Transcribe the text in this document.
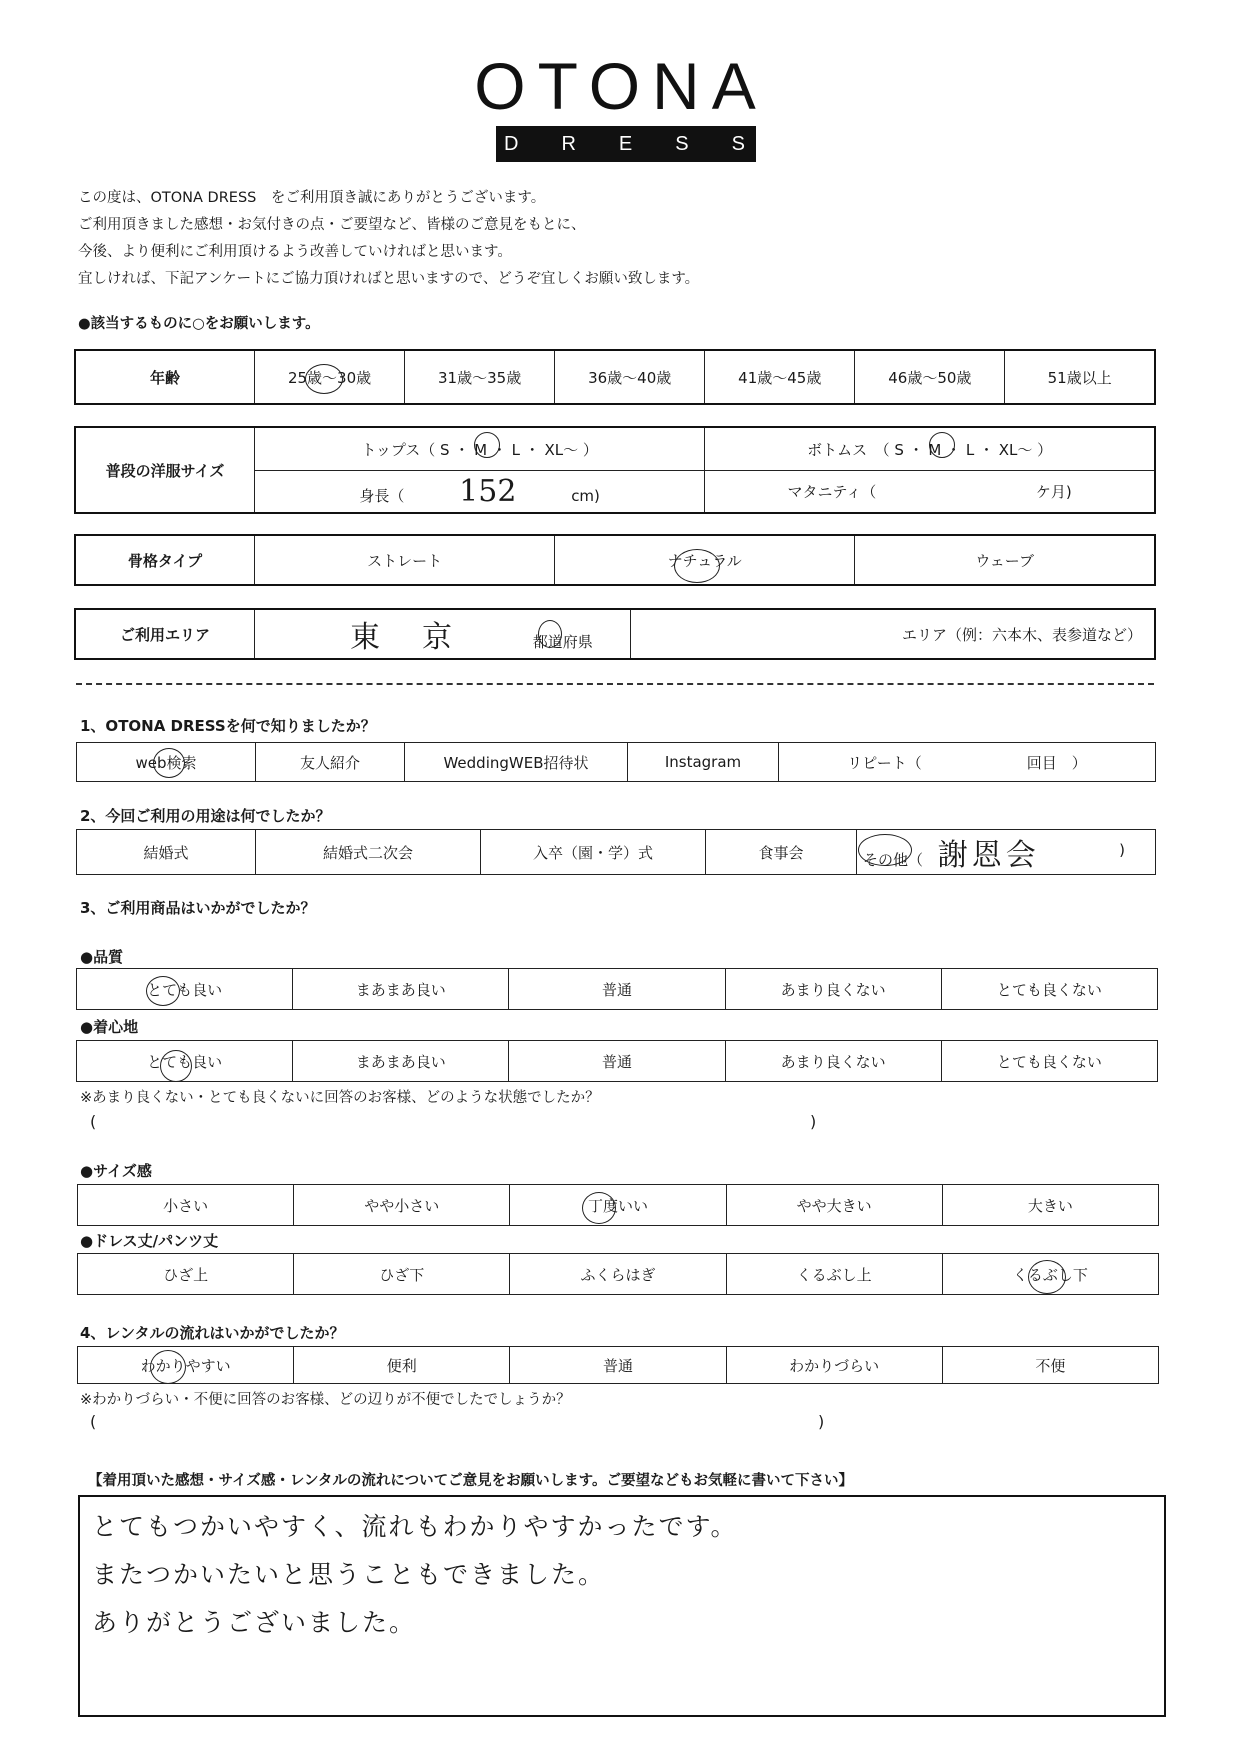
OTONA
DRESS
この度は、OTONA DRESS　をご利用頂き誠にありがとうございます。
ご利用頂きました感想・お気付きの点・ご要望など、皆様のご意見をもとに、
今後、より便利にご利用頂けるよう改善していければと思います。
宜しければ、下記アンケートにご協力頂ければと思いますので、どうぞ宜しくお願い致します。
●該当するものに○をお願いします。
年齢	25歳～30歳	31歳～35歳	36歳～40歳	41歳～45歳	46歳～50歳	51歳以上
普段の洋服サイズ	トップス（ S ・ M ・ L ・ XL～ ）	ボトムス　（ S ・ M ・ L ・ XL～ ）
	身長（ 152 cm)	マタニティ（ ケ月)
骨格タイプ	ストレート	ナチュラル	ウェーブ
ご利用エリア	東　京	都道府県	エリア（例：六本木、表参道など）
1、OTONA DRESSを何で知りましたか？
web検索	友人紹介	WeddingWEB招待状	Instagram	リピート（　　　　　　　回目　）
2、今回ご利用の用途は何でしたか？
結婚式	結婚式二次会	入卒（園・学）式	食事会	その他（ 謝恩会	)
3、ご利用商品はいかがでしたか？
●品質
とても良い	まあまあ良い	普通	あまり良くない	とても良くない
●着心地
とても良い	まあまあ良い	普通	あまり良くない	とても良くない
※あまり良くない・とても良くないに回答のお客様、どのような状態でしたか？
(	)
●サイズ感
小さい	やや小さい	丁度いい	やや大きい	大きい
●ドレス丈/パンツ丈
ひざ上	ひざ下	ふくらはぎ	くるぶし上	くるぶし下
4、レンタルの流れはいかがでしたか？
わかりやすい	便利	普通	わかりづらい	不便
※わかりづらい・不便に回答のお客様、どの辺りが不便でしたでしょうか？
(	)
【着用頂いた感想・サイズ感・レンタルの流れについてご意見をお願いします。ご要望などもお気軽に書いて下さい】
とてもつかいやすく、流れもわかりやすかったです。
またつかいたいと思うこともできました。
ありがとうございました。
